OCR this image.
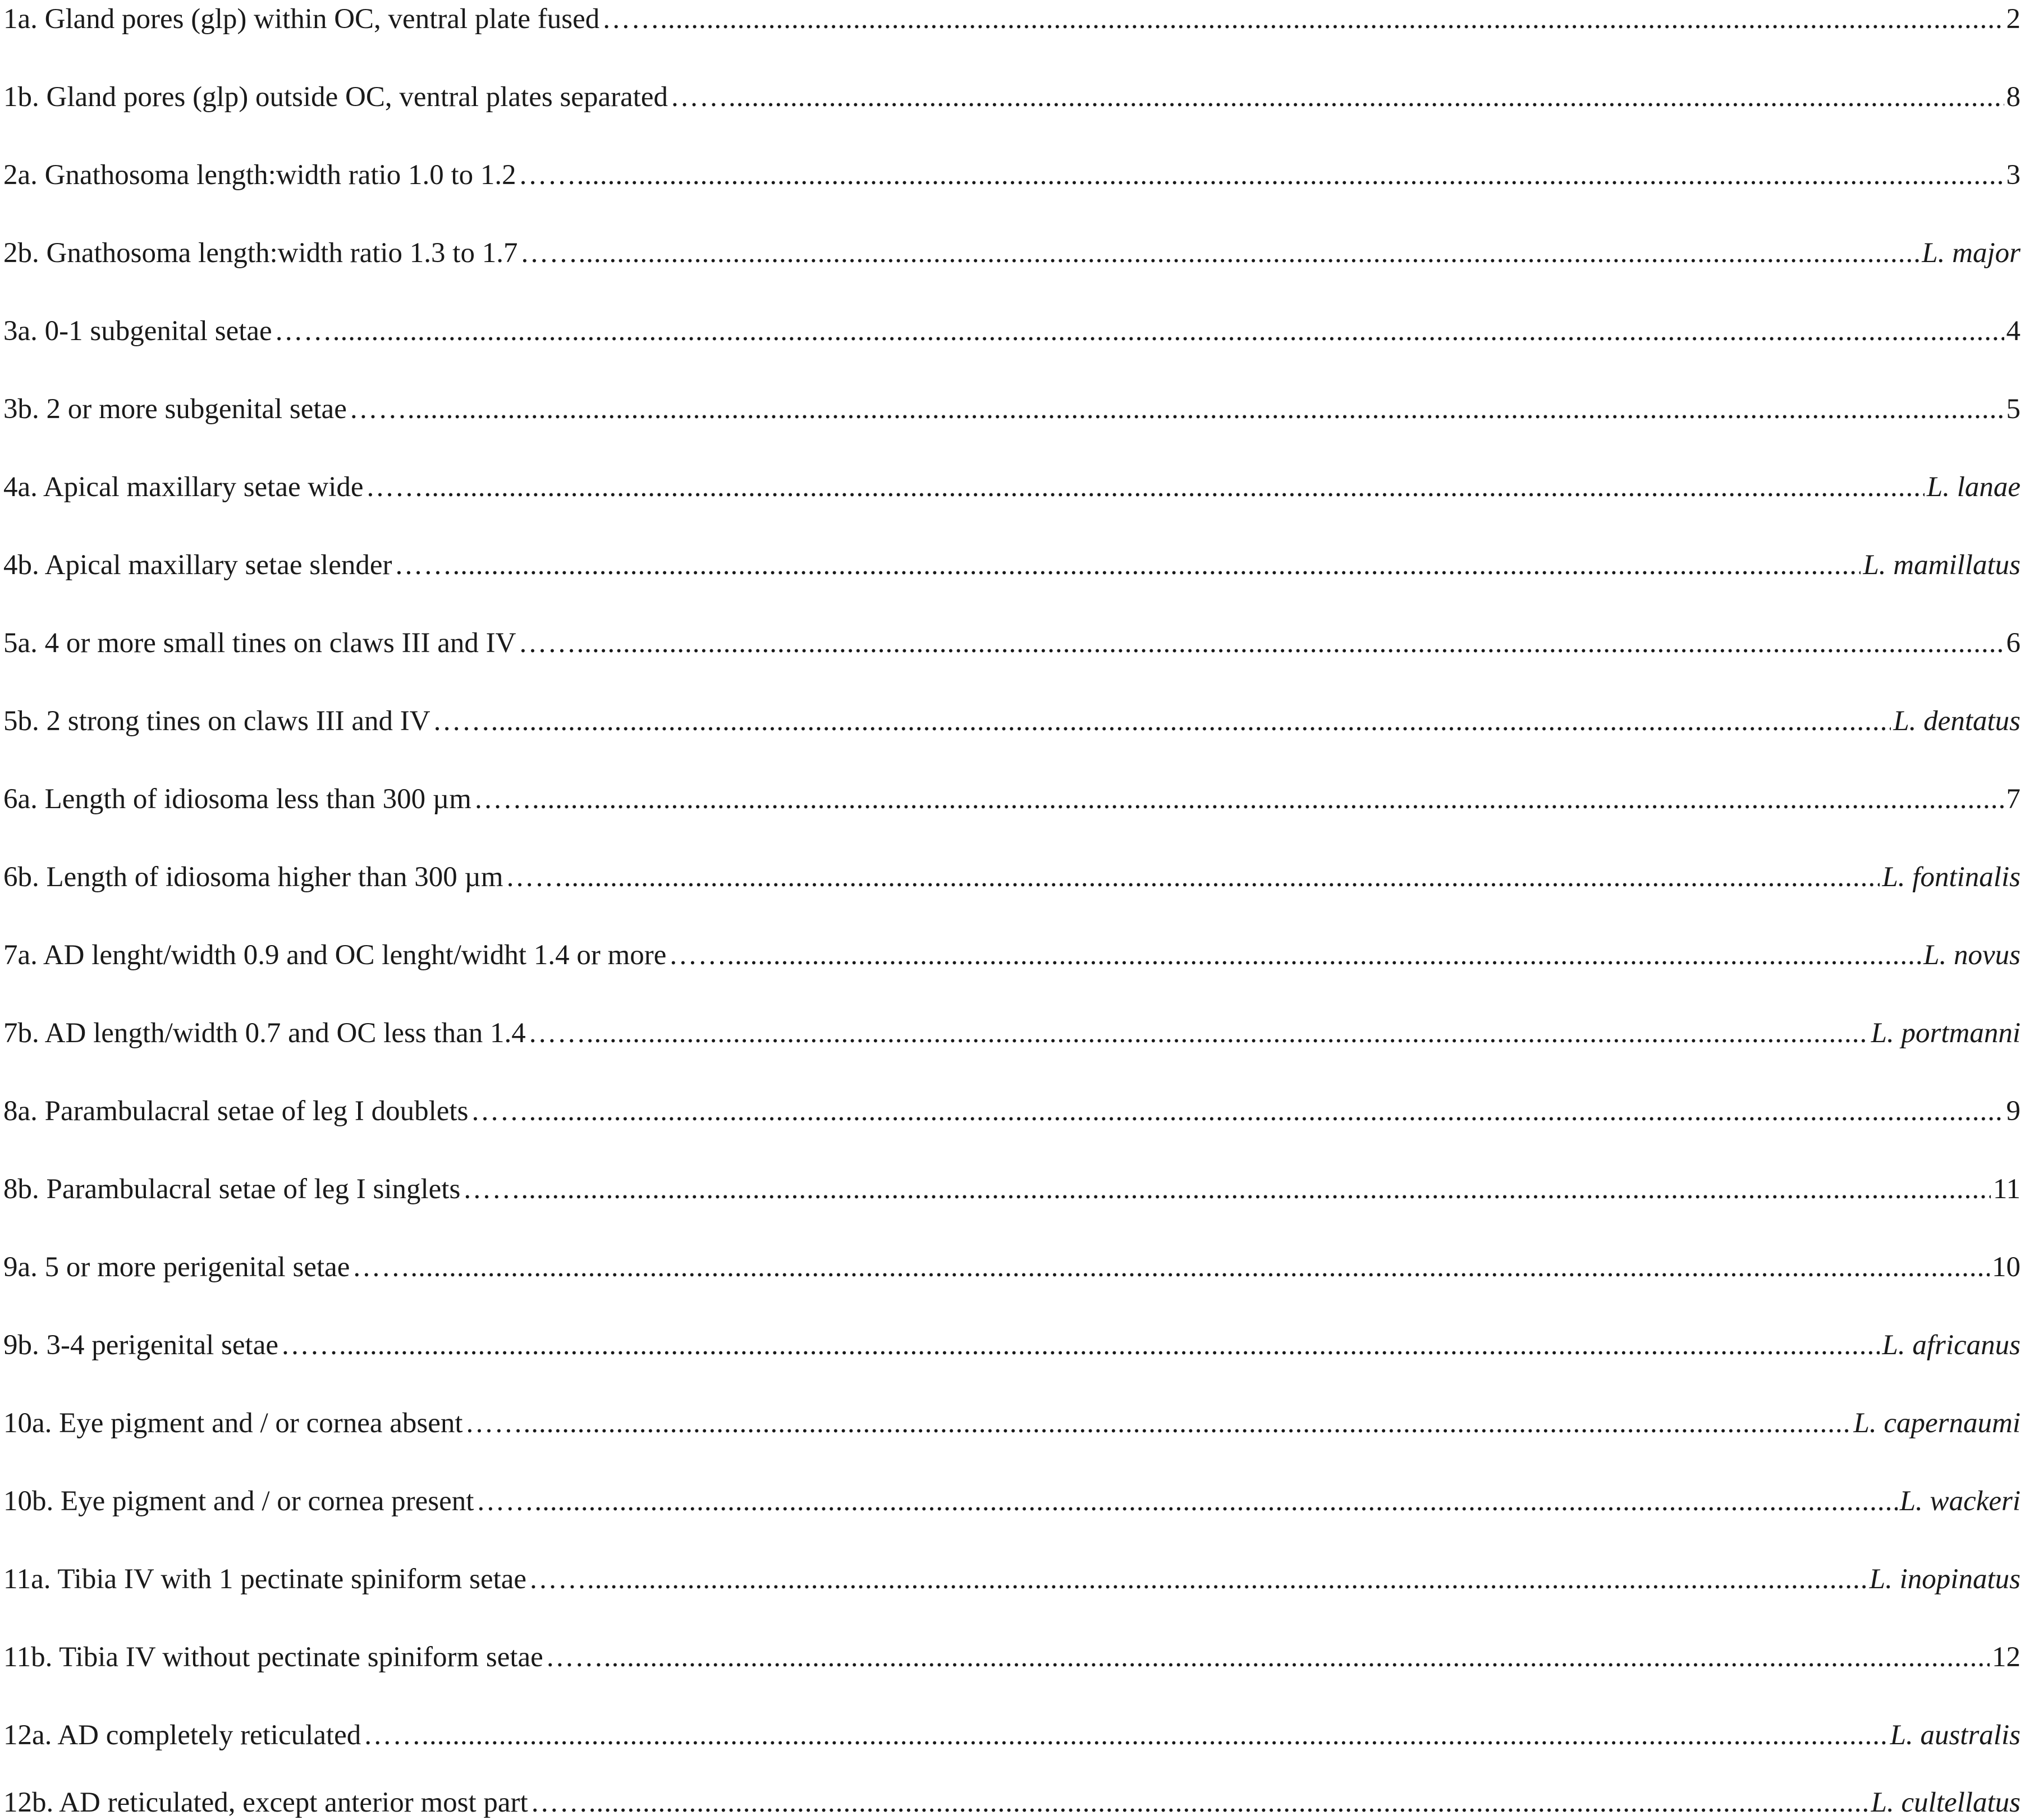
1a. Gland pores (glp) within OC, ventral plate fused ……..........................................................................................................................................................................................................................................................................................................................................................................................................................................................................................................................................................................................................................................................	2
1b. Gland pores (glp) outside OC, ventral plates separated ……..........................................................................................................................................................................................................................................................................................................................................................................................................................................................................................................................................................................................................................................................	8
2a. Gnathosoma length:width ratio 1.0 to 1.2 ……..........................................................................................................................................................................................................................................................................................................................................................................................................................................................................................................................................................................................................................................................	3
2b. Gnathosoma length:width ratio 1.3 to 1.7 ……..........................................................................................................................................................................................................................................................................................................................................................................................................................................................................................................................................................................................................................................................	L. major
3a. 0-1 subgenital setae ……..........................................................................................................................................................................................................................................................................................................................................................................................................................................................................................................................................................................................................................................................	4
3b. 2 or more subgenital setae ……..........................................................................................................................................................................................................................................................................................................................................................................................................................................................................................................................................................................................................................................................	5
4a. Apical maxillary setae wide ……..........................................................................................................................................................................................................................................................................................................................................................................................................................................................................................................................................................................................................................................................	L. lanae
4b. Apical maxillary setae slender ……..........................................................................................................................................................................................................................................................................................................................................................................................................................................................................................................................................................................................................................................................	L. mamillatus
5a. 4 or more small tines on claws III and IV ……..........................................................................................................................................................................................................................................................................................................................................................................................................................................................................................................................................................................................................................................................	6
5b. 2 strong tines on claws III and IV ……..........................................................................................................................................................................................................................................................................................................................................................................................................................................................................................................................................................................................................................................................	L. dentatus
6a. Length of idiosoma less than 300 µm ……..........................................................................................................................................................................................................................................................................................................................................................................................................................................................................................................................................................................................................................................................	7
6b. Length of idiosoma higher than 300 µm ……..........................................................................................................................................................................................................................................................................................................................................................................................................................................................................................................................................................................................................................................................	L. fontinalis
7a. AD lenght/width 0.9 and OC lenght/widht 1.4 or more ……..........................................................................................................................................................................................................................................................................................................................................................................................................................................................................................................................................................................................................................................................	L. novus
7b. AD length/width 0.7 and OC less than 1.4 ……..........................................................................................................................................................................................................................................................................................................................................................................................................................................................................................................................................................................................................................................................	L. portmanni
8a. Parambulacral setae of leg I doublets ……..........................................................................................................................................................................................................................................................................................................................................................................................................................................................................................................................................................................................................................................................	9
8b. Parambulacral setae of leg I singlets ……..........................................................................................................................................................................................................................................................................................................................................................................................................................................................................................................................................................................................................................................................	11
9a. 5 or more perigenital setae ……..........................................................................................................................................................................................................................................................................................................................................................................................................................................................................................................................................................................................................................................................	10
9b. 3-4 perigenital setae ……..........................................................................................................................................................................................................................................................................................................................................................................................................................................................................................................................................................................................................................................................	L. africanus
10a. Eye pigment and / or cornea absent ……..........................................................................................................................................................................................................................................................................................................................................................................................................................................................................................................................................................................................................................................................	L. capernaumi
10b. Eye pigment and / or cornea present ……..........................................................................................................................................................................................................................................................................................................................................................................................................................................................................................................................................................................................................................................................	L. wackeri
11a. Tibia IV with 1 pectinate spiniform setae ……..........................................................................................................................................................................................................................................................................................................................................................................................................................................................................................................................................................................................................................................................	L. inopinatus
11b. Tibia IV without pectinate spiniform setae ……..........................................................................................................................................................................................................................................................................................................................................................................................................................................................................................................................................................................................................................................................	12
12a. AD completely reticulated ……..........................................................................................................................................................................................................................................................................................................................................................................................................................................................................................................................................................................................................................................................	L. australis
12b. AD reticulated, except anterior most part ……..........................................................................................................................................................................................................................................................................................................................................................................................................................................................................................................................................................................................................................................................	L. cultellatus
